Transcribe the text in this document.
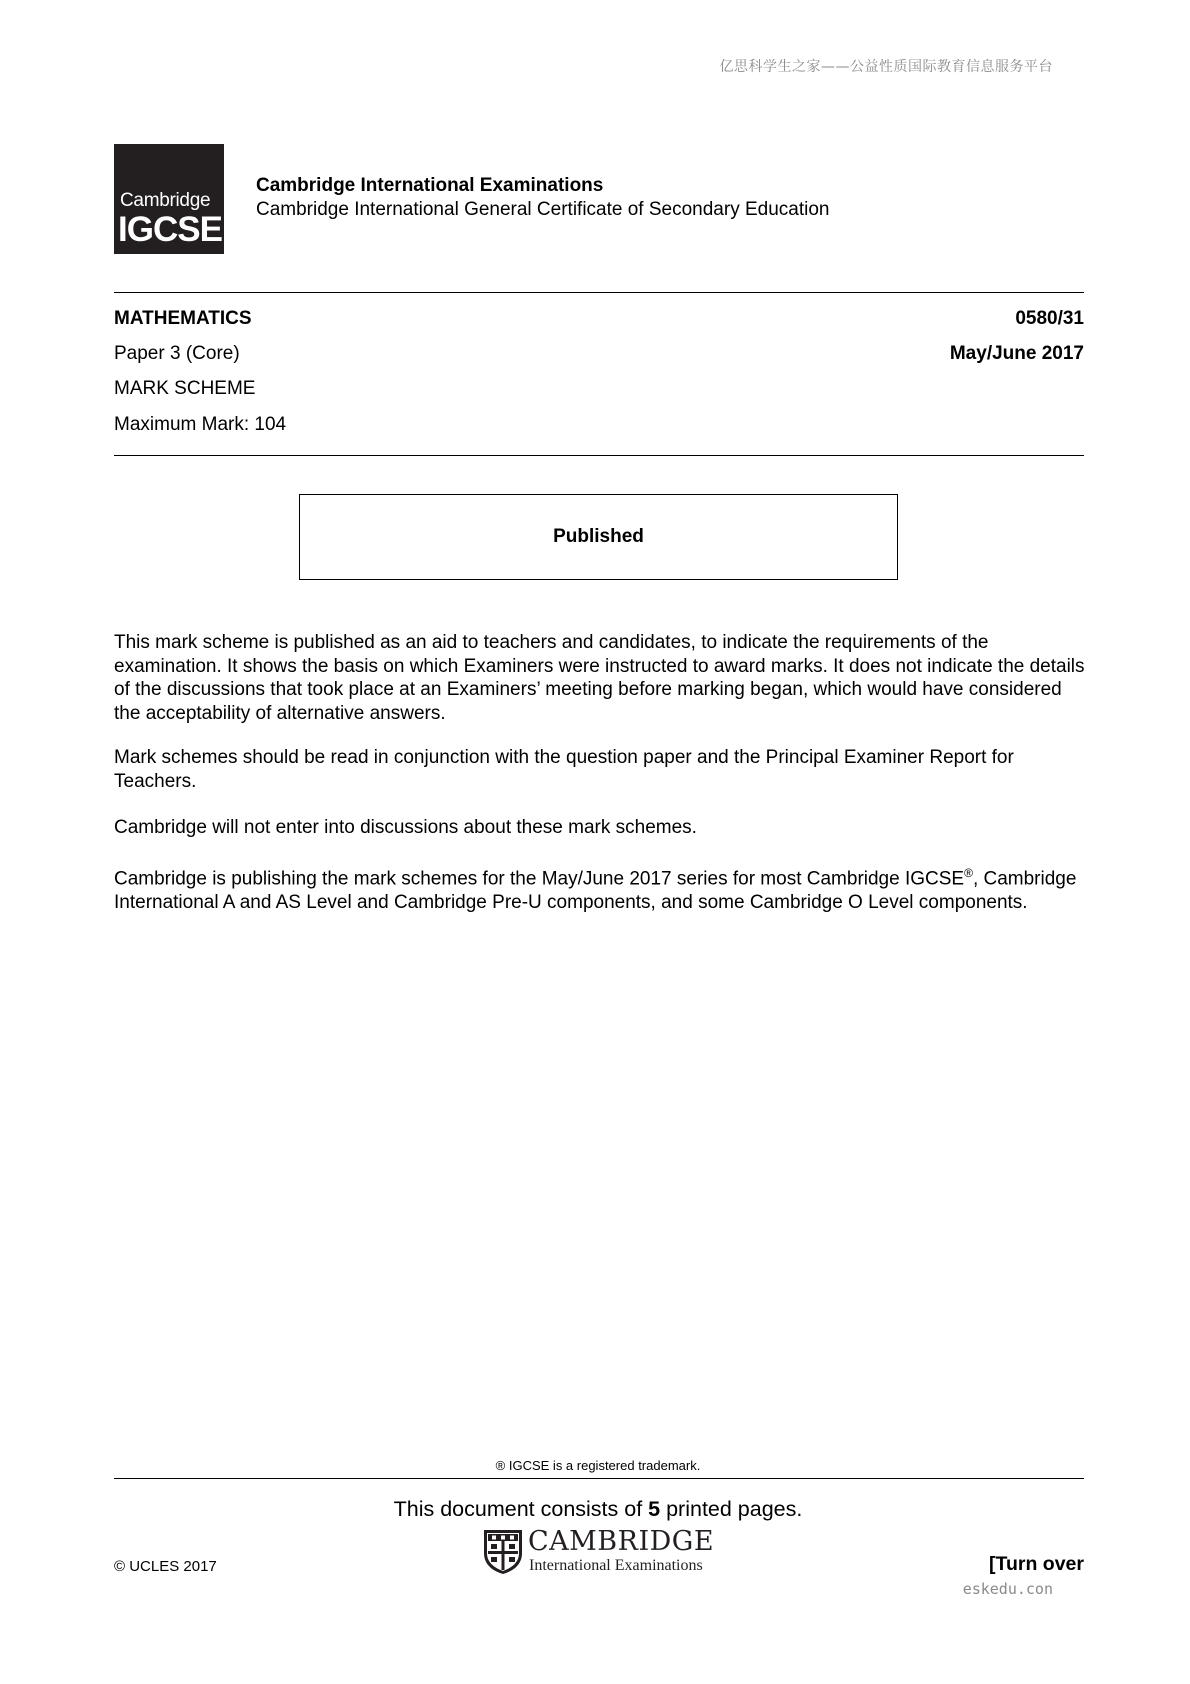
亿思科学生之家——公益性质国际教育信息服务平台
Cambridge
IGCSE
Cambridge International Examinations
Cambridge International General Certificate of Secondary Education
MATHEMATICS	0580/31
Paper 3 (Core)	May/June 2017
MARK SCHEME
Maximum Mark: 104
Published
This mark scheme is published as an aid to teachers and candidates, to indicate the requirements of the examination. It shows the basis on which Examiners were instructed to award marks. It does not indicate the details of the discussions that took place at an Examiners’ meeting before marking began, which would have considered the acceptability of alternative answers.
Mark schemes should be read in conjunction with the question paper and the Principal Examiner Report for Teachers.
Cambridge will not enter into discussions about these mark schemes.
Cambridge is publishing the mark schemes for the May/June 2017 series for most Cambridge IGCSE®, Cambridge International A and AS Level and Cambridge Pre-U components, and some Cambridge O Level components.
® IGCSE is a registered trademark.
This document consists of 5 printed pages.
CAMBRIDGE
International Examinations
© UCLES 2017	[Turn over
eskedu.con
